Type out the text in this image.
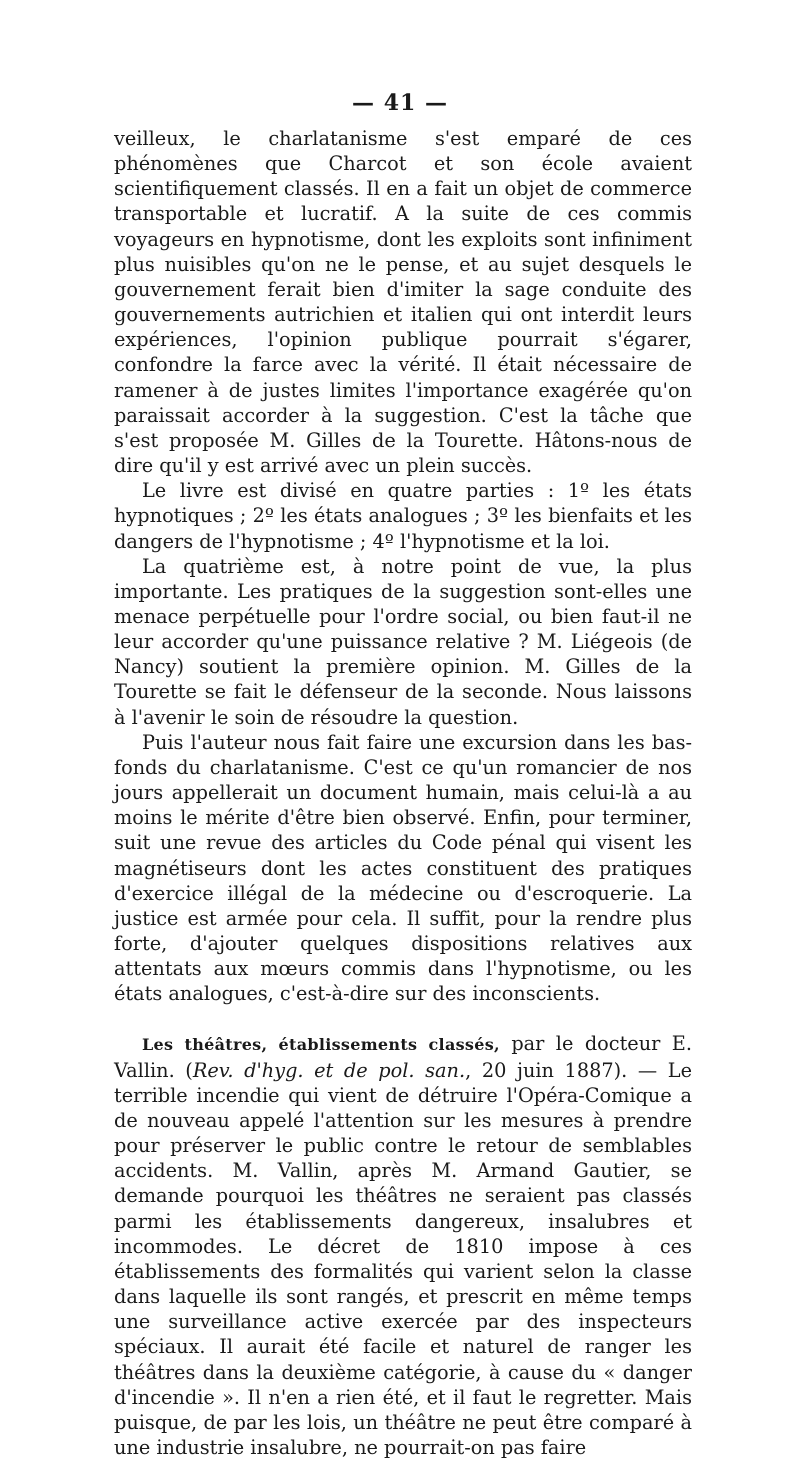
— 41 —

veilleux, le charlatanisme s'est emparé de ces phénomènes que Charcot et son école avaient scientifiquement classés. Il en a fait un objet de commerce transportable et lucratif. A la suite de ces commis voyageurs en hypnotisme, dont les exploits sont infiniment plus nuisibles qu'on ne le pense, et au sujet desquels le gouvernement ferait bien d'imiter la sage conduite des gouvernements autrichien et italien qui ont interdit leurs expériences, l'opinion publique pourrait s'égarer, confondre la farce avec la vérité. Il était nécessaire de ramener à de justes limites l'importance exagérée qu'on paraissait accorder à la suggestion. C'est la tâche que s'est proposée M. Gilles de la Tourette. Hâtons-nous de dire qu'il y est arrivé avec un plein succès.

Le livre est divisé en quatre parties : 1º les états hypnotiques ; 2º les états analogues ; 3º les bienfaits et les dangers de l'hypnotisme ; 4º l'hypnotisme et la loi.

La quatrième est, à notre point de vue, la plus importante. Les pratiques de la suggestion sont-elles une menace perpétuelle pour l'ordre social, ou bien faut-il ne leur accorder qu'une puissance relative ? M. Liégeois (de Nancy) soutient la première opinion. M. Gilles de la Tourette se fait le défenseur de la seconde. Nous laissons à l'avenir le soin de résoudre la question.

Puis l'auteur nous fait faire une excursion dans les bas-fonds du charlatanisme. C'est ce qu'un romancier de nos jours appellerait un document humain, mais celui-là a au moins le mérite d'être bien observé. Enfin, pour terminer, suit une revue des articles du Code pénal qui visent les magnétiseurs dont les actes constituent des pratiques d'exercice illégal de la médecine ou d'escroquerie. La justice est armée pour cela. Il suffit, pour la rendre plus forte, d'ajouter quelques dispositions relatives aux attentats aux mœurs commis dans l'hypnotisme, ou les états analogues, c'est-à-dire sur des inconscients.

Les théâtres, établissements classés, par le docteur E. Vallin. (Rev. d'hyg. et de pol. san., 20 juin 1887). — Le terrible incendie qui vient de détruire l'Opéra-Comique a de nouveau appelé l'attention sur les mesures à prendre pour préserver le public contre le retour de semblables accidents. M. Vallin, après M. Armand Gautier, se demande pourquoi les théâtres ne seraient pas classés parmi les établissements dangereux, insalubres et incommodes. Le décret de 1810 impose à ces établissements des formalités qui varient selon la classe dans laquelle ils sont rangés, et prescrit en même temps une surveillance active exercée par des inspecteurs spéciaux. Il aurait été facile et naturel de ranger les théâtres dans la deuxième catégorie, à cause du « danger d'incendie ». Il n'en a rien été, et il faut le regretter. Mais puisque, de par les lois, un théâtre ne peut être comparé à une industrie insalubre, ne pourrait-on pas faire
